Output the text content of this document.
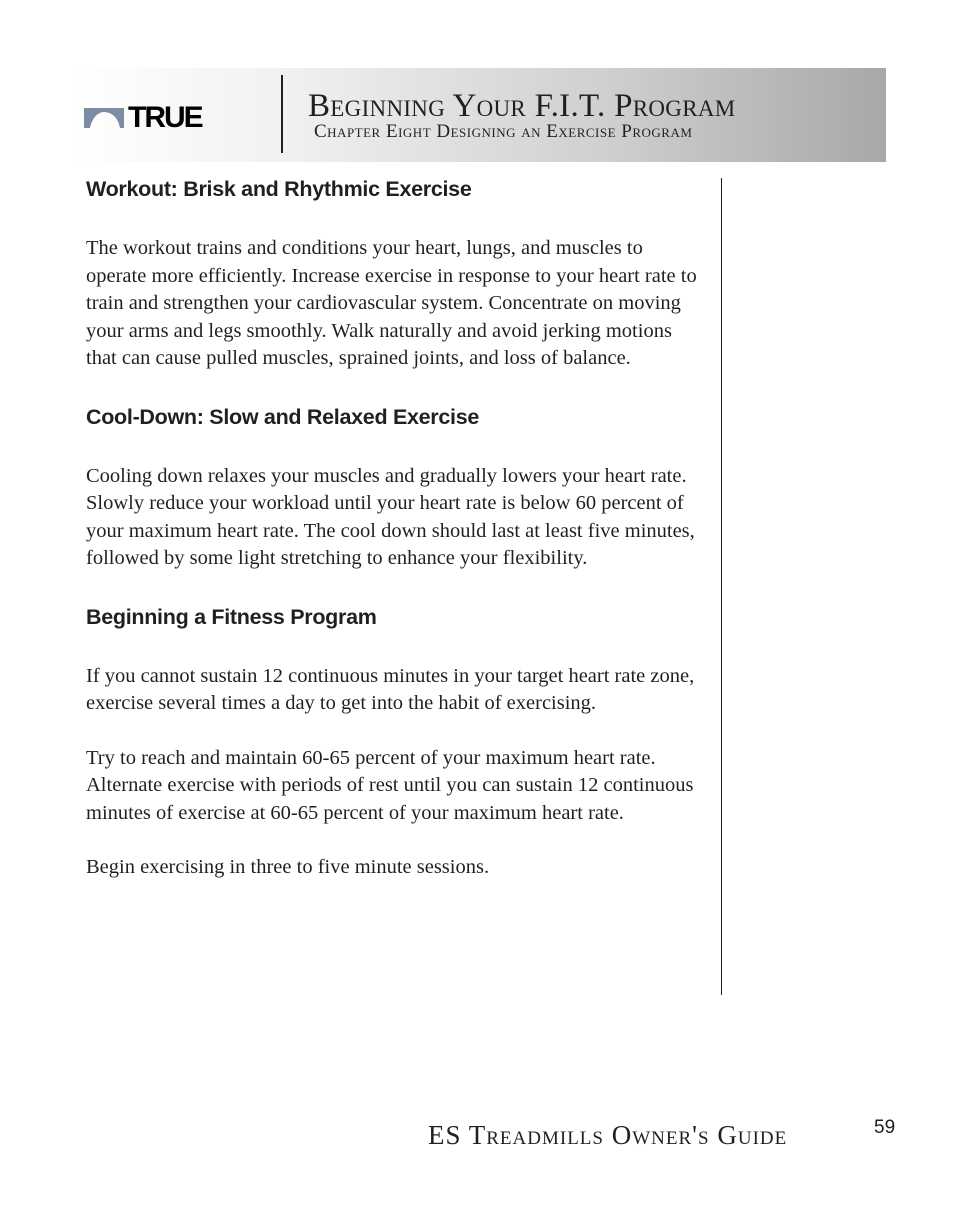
TRUE	Beginning Your F.I.T. Program
Chapter Eight Designing an Exercise Program
Workout: Brisk and Rhythmic Exercise

The workout trains and conditions your heart, lungs, and muscles to operate more efficiently. Increase exercise in response to your heart rate to train and strengthen your cardiovascular system. Concentrate on moving your arms and legs smoothly. Walk naturally and avoid jerking motions that can cause pulled muscles, sprained joints, and loss of balance.

Cool-Down: Slow and Relaxed Exercise

Cooling down relaxes your muscles and gradually lowers your heart rate. Slowly reduce your workload until your heart rate is below 60 percent of your maximum heart rate. The cool down should last at least five minutes, followed by some light stretching to enhance your flexibility.

Beginning a Fitness Program

If you cannot sustain 12 continuous minutes in your target heart rate zone, exercise several times a day to get into the habit of exercising.

Try to reach and maintain 60-65 percent of your maximum heart rate. Alternate exercise with periods of rest until you can sustain 12 continuous minutes of exercise at 60-65 percent of your maximum heart rate.

Begin exercising in three to five minute sessions.

ES Treadmills Owner's Guide	59
